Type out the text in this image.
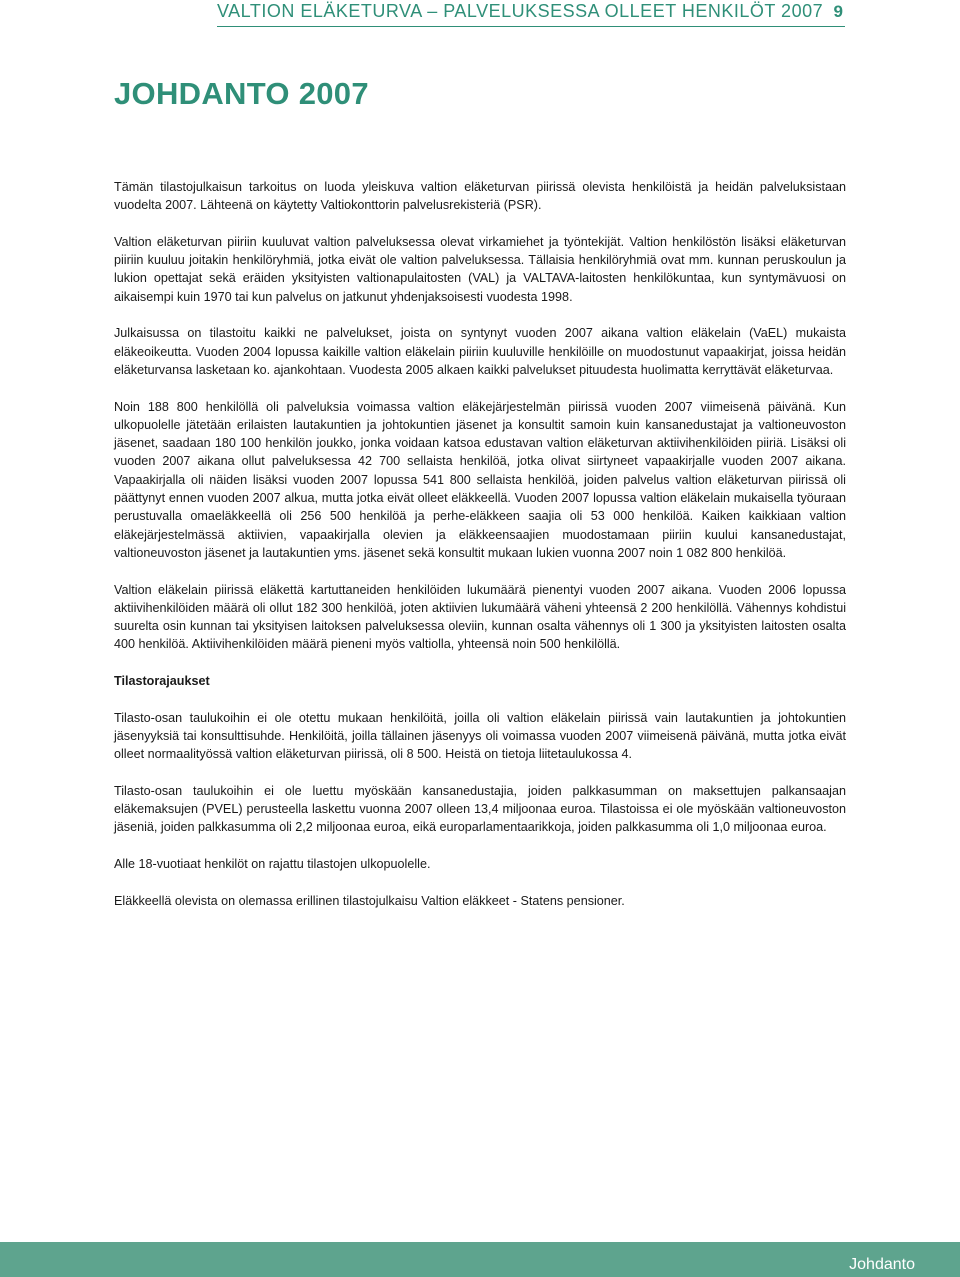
VALTION ELÄKETURVA – PALVELUKSESSA OLLEET HENKILÖT 2007 9
JOHDANTO 2007

Tämän tilastojulkaisun tarkoitus on luoda yleiskuva valtion eläketurvan piirissä olevista henkilöistä ja heidän palveluksistaan vuodelta 2007. Lähteenä on käytetty Valtiokonttorin palvelusrekisteriä (PSR).

Valtion eläketurvan piiriin kuuluvat valtion palveluksessa olevat virkamiehet ja työntekijät. Valtion henkilöstön lisäksi eläketurvan piiriin kuuluu joitakin henkilöryhmiä, jotka eivät ole valtion palveluksessa. Tällaisia henkilöryhmiä ovat mm. kunnan peruskoulun ja lukion opettajat sekä eräiden yksityisten valtionapulaitosten (VAL) ja VALTAVA-laitosten henkilökuntaa, kun syntymävuosi on aikaisempi kuin 1970 tai kun palvelus on jatkunut yhdenjaksoisesti vuodesta 1998.

Julkaisussa on tilastoitu kaikki ne palvelukset, joista on syntynyt vuoden 2007 aikana valtion eläkelain (VaEL) mukaista eläkeoikeutta. Vuoden 2004 lopussa kaikille valtion eläkelain piiriin kuuluville henkilöille on muodostunut vapaakirjat, joissa heidän eläketurvansa lasketaan ko. ajankohtaan. Vuodesta 2005 alkaen kaikki palvelukset pituudesta huolimatta kerryttävät eläketurvaa.

Noin 188 800 henkilöllä oli palveluksia voimassa valtion eläkejärjestelmän piirissä vuoden 2007 viimeisenä päivänä. Kun ulkopuolelle jätetään erilaisten lautakuntien ja johtokuntien jäsenet ja konsultit samoin kuin kansanedustajat ja valtioneuvoston jäsenet, saadaan 180 100 henkilön joukko, jonka voidaan katsoa edustavan valtion eläketurvan aktiivihenkilöiden piiriä. Lisäksi oli vuoden 2007 aikana ollut palveluksessa 42 700 sellaista henkilöä, jotka olivat siirtyneet vapaakirjalle vuoden 2007 aikana. Vapaakirjalla oli näiden lisäksi vuoden 2007 lopussa 541 800 sellaista henkilöä, joiden palvelus valtion eläketurvan piirissä oli päättynyt ennen vuoden 2007 alkua, mutta jotka eivät olleet eläkkeellä. Vuoden 2007 lopussa valtion eläkelain mukaisella työuraan perustuvalla omaeläkkeellä oli 256 500 henkilöä ja perhe-eläkkeen saajia oli 53 000 henkilöä. Kaiken kaikkiaan valtion eläkejärjestelmässä aktiivien, vapaakirjalla olevien ja eläkkeensaajien muodostamaan piiriin kuului kansanedustajat, valtioneuvoston jäsenet ja lautakuntien yms. jäsenet sekä konsultit mukaan lukien vuonna 2007 noin 1 082 800 henkilöä.

Valtion eläkelain piirissä eläkettä kartuttaneiden henkilöiden lukumäärä pienentyi vuoden 2007 aikana. Vuoden 2006 lopussa aktiivihenkilöiden määrä oli ollut 182 300 henkilöä, joten aktiivien lukumäärä väheni yhteensä 2 200 henkilöllä. Vähennys kohdistui suurelta osin kunnan tai yksityisen laitoksen palveluksessa oleviin, kunnan osalta vähennys oli 1 300 ja yksityisten laitosten osalta 400 henkilöä. Aktiivihenkilöiden määrä pieneni myös valtiolla, yhteensä noin 500 henkilöllä.

Tilastorajaukset

Tilasto-osan taulukoihin ei ole otettu mukaan henkilöitä, joilla oli valtion eläkelain piirissä vain lautakuntien ja johtokuntien jäsenyyksiä tai konsulttisuhde. Henkilöitä, joilla tällainen jäsenyys oli voimassa vuoden 2007 viimeisenä päivänä, mutta jotka eivät olleet normaalityössä valtion eläketurvan piirissä, oli 8 500. Heistä on tietoja liitetaulukossa 4.

Tilasto-osan taulukoihin ei ole luettu myöskään kansanedustajia, joiden palkkasumman on maksettujen palkansaajan eläkemaksujen (PVEL) perusteella laskettu vuonna 2007 olleen 13,4 miljoonaa euroa. Tilastoissa ei ole myöskään valtioneuvoston jäseniä, joiden palkkasumma oli 2,2 miljoonaa euroa, eikä europarlamentaarikkoja, joiden palkkasumma oli 1,0 miljoonaa euroa.

Alle 18-vuotiaat henkilöt on rajattu tilastojen ulkopuolelle.

Eläkkeellä olevista on olemassa erillinen tilastojulkaisu Valtion eläkkeet - Statens pensioner.

Johdanto
